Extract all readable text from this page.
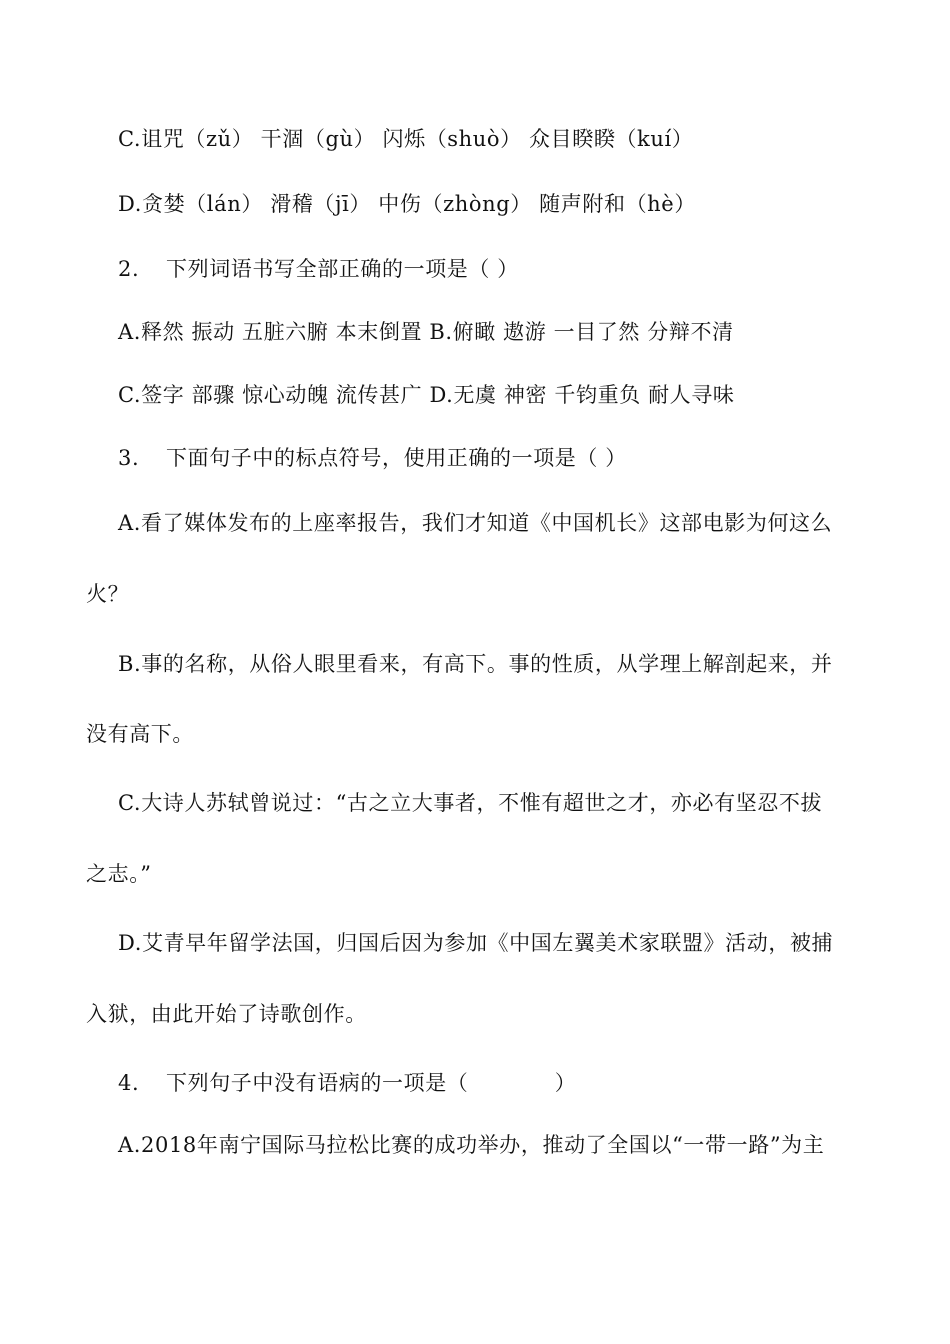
C.诅咒（zǔ） 干涸（gù） 闪烁（shuò） 众目睽睽（kuí）

D.贪婪（lán） 滑稽（jī） 中伤（zhòng） 随声附和（hè）

2. 下列词语书写全部正确的一项是（ ）

A.释然 振动 五脏六腑 本末倒置 B.俯瞰 遨游 一目了然 分辩不清

C.签字 部骤 惊心动魄 流传甚广 D.无虞 神密 千钧重负 耐人寻味

3. 下面句子中的标点符号，使用正确的一项是（ ）

A.看了媒体发布的上座率报告，我们才知道《中国机长》这部电影为何这么

火？

B.事的名称，从俗人眼里看来，有高下。事的性质，从学理上解剖起来，并

没有高下。

C.大诗人苏轼曾说过：“古之立大事者，不惟有超世之才，亦必有坚忍不拔

之志。”

D.艾青早年留学法国，归国后因为参加《中国左翼美术家联盟》活动，被捕

入狱，由此开始了诗歌创作。

4. 下列句子中没有语病的一项是（　　　　）

A.2018年南宁国际马拉松比赛的成功举办，推动了全国以“一带一路”为主
